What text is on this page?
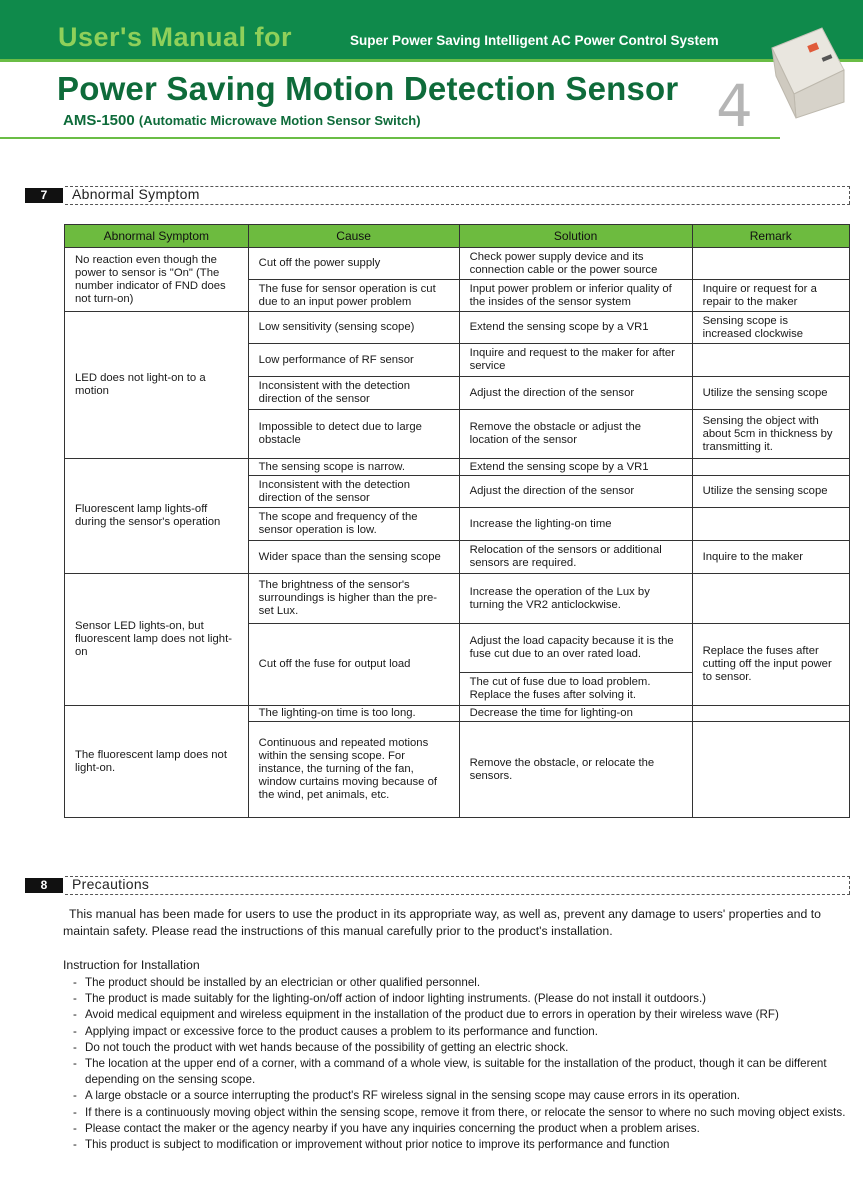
User's Manual for	Super Power Saving Intelligent AC Power Control System
Power Saving Motion Detection Sensor
AMS-1500 (Automatic Microwave Motion Sensor Switch)	4
7	Abnormal Symptom
Abnormal Symptom	Cause	Solution	Remark
No reaction even though the power to sensor is "On" (The number indicator of FND does not turn-on)	Cut off the power supply	Check power supply device and its connection cable or the power source	
	The fuse for sensor operation is cut due to an input power problem	Input power problem or inferior quality of the insides of the sensor system	Inquire or request for a repair to the maker
LED does not light-on to a motion	Low sensitivity (sensing scope)	Extend the sensing scope by a VR1	Sensing scope is increased clockwise
	Low performance of RF sensor	Inquire and request to the maker for after service	
	Inconsistent with the detection direction of the sensor	Adjust the direction of the sensor	Utilize the sensing scope
	Impossible to detect due to large obstacle	Remove the obstacle or adjust the location of the sensor	Sensing the object with about 5cm in thickness by transmitting it.
Fluorescent lamp lights-off during the sensor's operation	The sensing scope is narrow.	Extend the sensing scope by a VR1	
	Inconsistent with the detection direction of the sensor	Adjust the direction of the sensor	Utilize the sensing scope
	The scope and frequency of the sensor operation is low.	Increase the lighting-on time	
	Wider space than the sensing scope	Relocation of the sensors or additional sensors are required.	Inquire to the maker
Sensor LED lights-on, but fluorescent lamp does not light-on	The brightness of the sensor's surroundings is higher than the pre-set Lux.	Increase the operation of the Lux by turning the VR2 anticlockwise.	
	Cut off the fuse for output load	Adjust the load capacity because it is the fuse cut due to an over rated load.	Replace the fuses after cutting off the input power to sensor.
		The cut of fuse due to load problem. Replace the fuses after solving it.	
The fluorescent lamp does not light-on.	The lighting-on time is too long.	Decrease the time for lighting-on	
	Continuous and repeated motions within the sensing scope. For instance, the turning of the fan, window curtains moving because of the wind, pet animals, etc.	Remove the obstacle, or relocate the sensors.	
8	Precautions
This manual has been made for users to use the product in its appropriate way, as well as, prevent any damage to users' properties and to maintain safety. Please read the instructions of this manual carefully prior to the product's installation.
Instruction for Installation
- The product should be installed by an electrician or other qualified personnel.
- The product is made suitably for the lighting-on/off action of indoor lighting instruments. (Please do not install it outdoors.)
- Avoid medical equipment and wireless equipment in the installation of the product due to errors in operation by their wireless wave (RF)
- Applying impact or excessive force to the product causes a problem to its performance and function.
- Do not touch the product with wet hands because of the possibility of getting an electric shock.
- The location at the upper end of a corner, with a command of a whole view, is suitable for the installation of the product, though it can be different depending on the sensing scope.
- A large obstacle or a source interrupting the product's RF wireless signal in the sensing scope may cause errors in its operation.
- If there is a continuously moving object within the sensing scope, remove it from there, or relocate the sensor to where no such moving object exists.
- Please contact the maker or the agency nearby if you have any inquiries concerning the product when a problem arises.
- This product is subject to modification or improvement without prior notice to improve its performance and function
